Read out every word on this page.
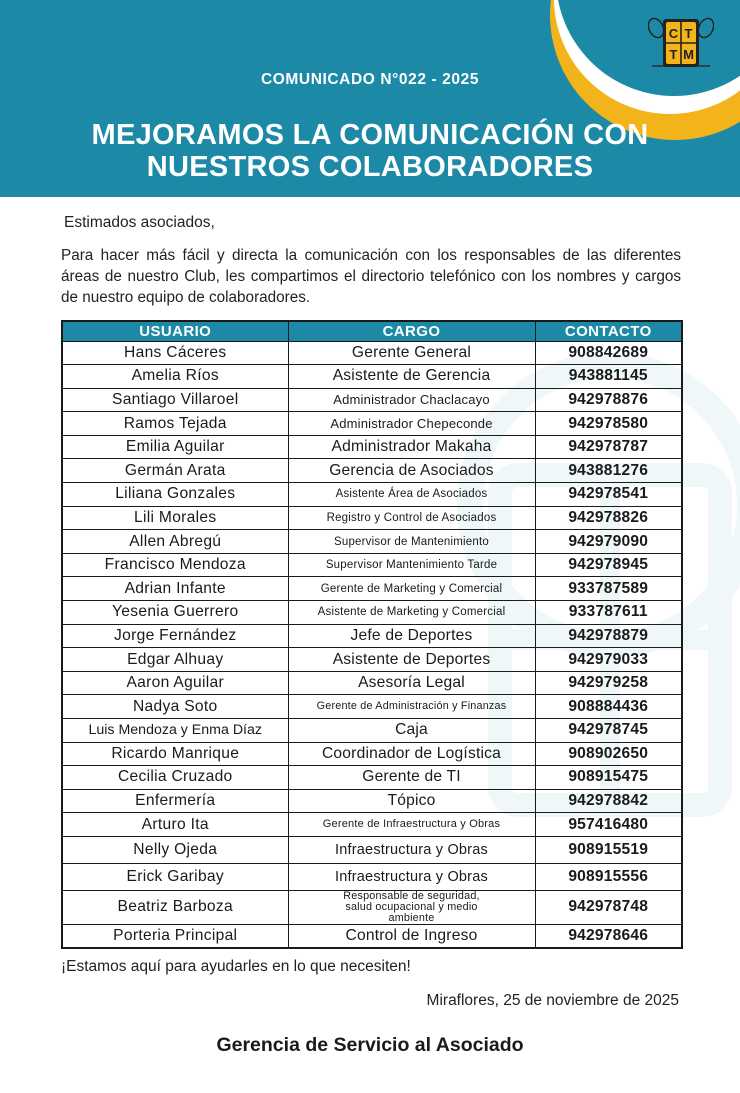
C T
T M
COMUNICADO N°022 - 2025
MEJORAMOS LA COMUNICACIÓN CON
NUESTROS COLABORADORES
Estimados asociados,

Para hacer más fácil y directa la comunicación con los responsables de las diferentes áreas de nuestro Club, les compartimos el directorio telefónico con los nombres y cargos de nuestro equipo de colaboradores.

USUARIO	CARGO	CONTACTO
Hans Cáceres	Gerente General	908842689
Amelia Ríos	Asistente de Gerencia	943881145
Santiago Villaroel	Administrador Chaclacayo	942978876
Ramos Tejada	Administrador Chepeconde	942978580
Emilia Aguilar	Administrador Makaha	942978787
Germán Arata	Gerencia de Asociados	943881276
Liliana Gonzales	Asistente Área de Asociados	942978541
Lili Morales	Registro y Control de Asociados	942978826
Allen Abregú	Supervisor de Mantenimiento	942979090
Francisco Mendoza	Supervisor Mantenimiento Tarde	942978945
Adrian Infante	Gerente de Marketing y Comercial	933787589
Yesenia Guerrero	Asistente de Marketing y Comercial	933787611
Jorge Fernández	Jefe de Deportes	942978879
Edgar Alhuay	Asistente de Deportes	942979033
Aaron Aguilar	Asesoría Legal	942979258
Nadya Soto	Gerente de Administración y Finanzas	908884436
Luis Mendoza y Enma Díaz	Caja	942978745
Ricardo Manrique	Coordinador de Logística	908902650
Cecilia Cruzado	Gerente de TI	908915475
Enfermería	Tópico	942978842
Arturo Ita	Gerente de Infraestructura y Obras	957416480
Nelly Ojeda	Infraestructura y Obras	908915519
Erick Garibay	Infraestructura y Obras	908915556
Beatriz Barboza	Responsable de seguridad, salud ocupacional y medio ambiente	942978748
Porteria Principal	Control de Ingreso	942978646
¡Estamos aquí para ayudarles en lo que necesiten!
Miraflores, 25 de noviembre de 2025
Gerencia de Servicio al Asociado
